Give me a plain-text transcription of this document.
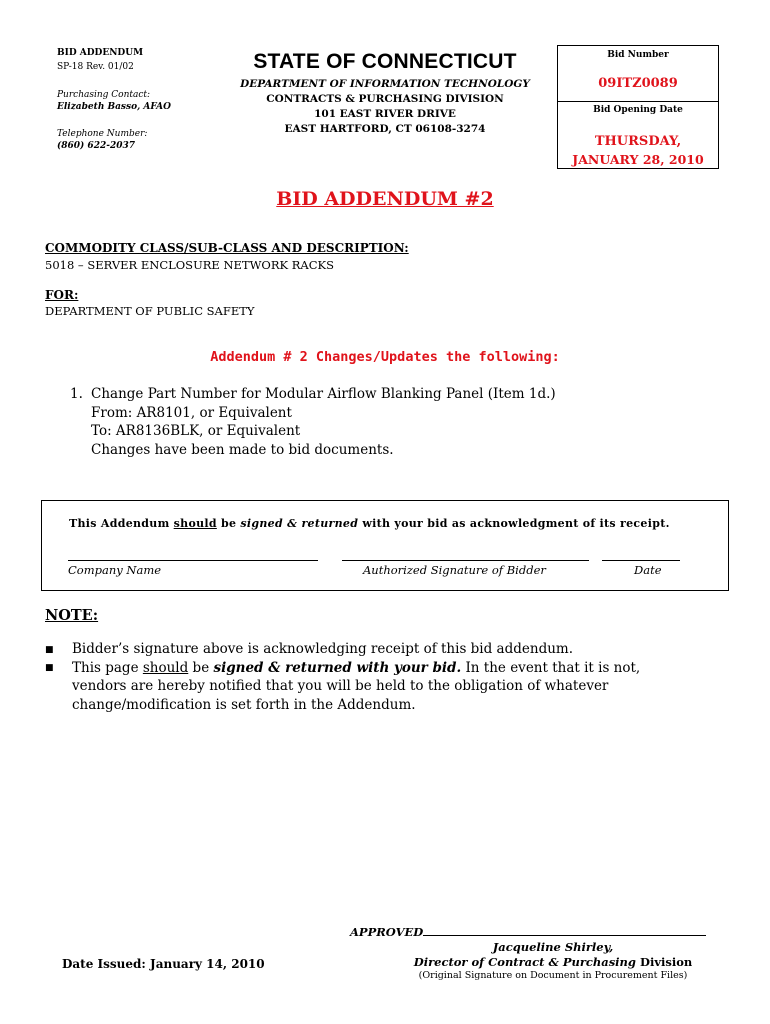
BID ADDENDUM
SP-18 Rev. 01/02
Purchasing Contact:
Elizabeth Basso, AFAO
Telephone Number:
(860) 622-2037
STATE OF CONNECTICUT
DEPARTMENT OF INFORMATION TECHNOLOGY
CONTRACTS & PURCHASING DIVISION
101 EAST RIVER DRIVE
EAST HARTFORD, CT 06108-3274
Bid Number
09ITZ0089
Bid Opening Date
THURSDAY,
JANUARY 28, 2010
BID ADDENDUM #2
COMMODITY CLASS/SUB-CLASS AND DESCRIPTION:
5018 – SERVER ENCLOSURE NETWORK RACKS
FOR:
DEPARTMENT OF PUBLIC SAFETY
Addendum # 2 Changes/Updates the following:
1. Change Part Number for Modular Airflow Blanking Panel (Item 1d.)
From: AR8101, or Equivalent
To: AR8136BLK, or Equivalent
Changes have been made to bid documents.
This Addendum should be signed & returned with your bid as acknowledgment of its receipt.
Company Name	Authorized Signature of Bidder	Date
NOTE:
■ Bidder’s signature above is acknowledging receipt of this bid addendum.
■ This page should be signed & returned with your bid. In the event that it is not,
vendors are hereby notified that you will be held to the obligation of whatever
change/modification is set forth in the Addendum.
APPROVED
Jacqueline Shirley,
Director of Contract & Purchasing Division
(Original Signature on Document in Procurement Files)
Date Issued: January 14, 2010
